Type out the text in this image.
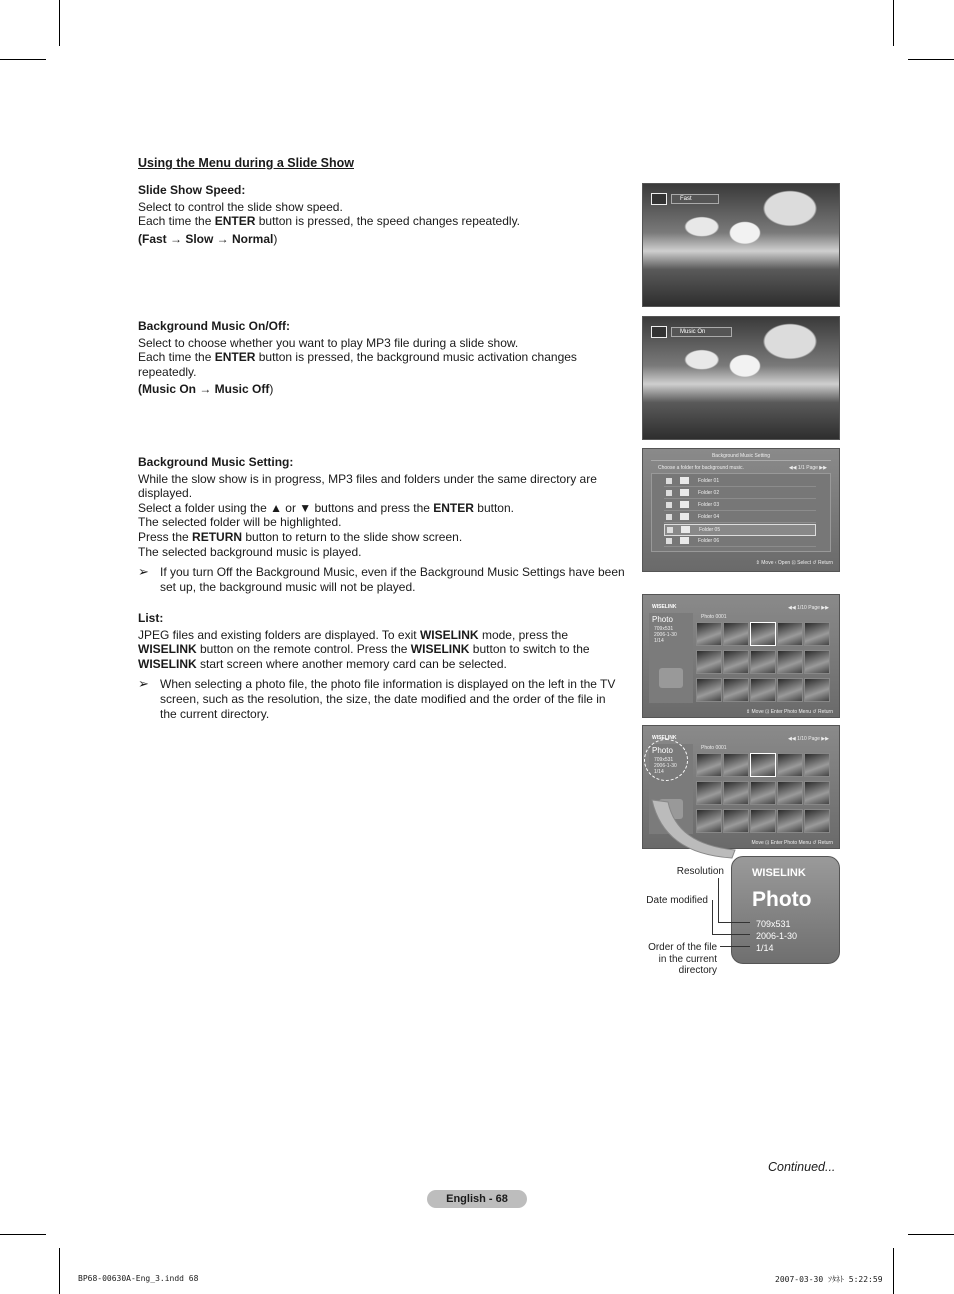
Using the Menu during a Slide Show

Slide Show Speed:

Select to control the slide show speed.

Each time the ENTER button is pressed, the speed changes repeatedly.

(Fast → Slow → Normal)

Background Music On/Off:

Select to choose whether you want to play MP3 file during a slide show.

Each time the ENTER button is pressed, the background music activation changes repeatedly.

(Music On → Music Off)

Background Music Setting:

While the slow show is in progress, MP3 files and folders under the same directory are displayed.

Select a folder using the ▲ or ▼ buttons and press the ENTER button.

The selected folder will be highlighted.

Press the RETURN button to return to the slide show screen.

The selected background music is played.

➢ If you turn Off the Background Music, even if the Background Music Settings have been set up, the background music will not be played.

List:

JPEG files and existing folders are displayed. To exit WISELINK mode, press the WISELINK button on the remote control. Press the WISELINK button to switch to the WISELINK start screen where another memory card can be selected.

➢ When selecting a photo file, the photo file information is displayed on the left in the TV screen, such as the resolution, the size, the date modified and the order of the file in the current directory.

Fast
Music On
Background Music Setting
Choose a folder for background music.	◀◀ 1/1 Page ▶▶
Folder 01
Folder 02
Folder 03
Folder 04
Folder 05
Folder 06
⇕ Move ‹ Open ⊡ Select ↺ Return
WISELINK
Photo
709x531
2006-1-30
1/14
Photo 0001
◀◀ 1/10 Page ▶▶
⇕ Move ⊡ Enter Photo Menu ↺ Return
WISELINK
Photo
709x531
2006-1-30
1/14
Photo 0001
◀◀ 1/10 Page ▶▶
Move ⊡ Enter Photo Menu ↺ Return
WISELINK
Photo
709x531
2006-1-30
1/14
Resolution
Date modified
Order of the file
in the current
directory
Continued...
English - 68
BP68-00630A-Eng_3.indd 68	2007-03-30 ｿﾀﾈﾄ 5:22:59
